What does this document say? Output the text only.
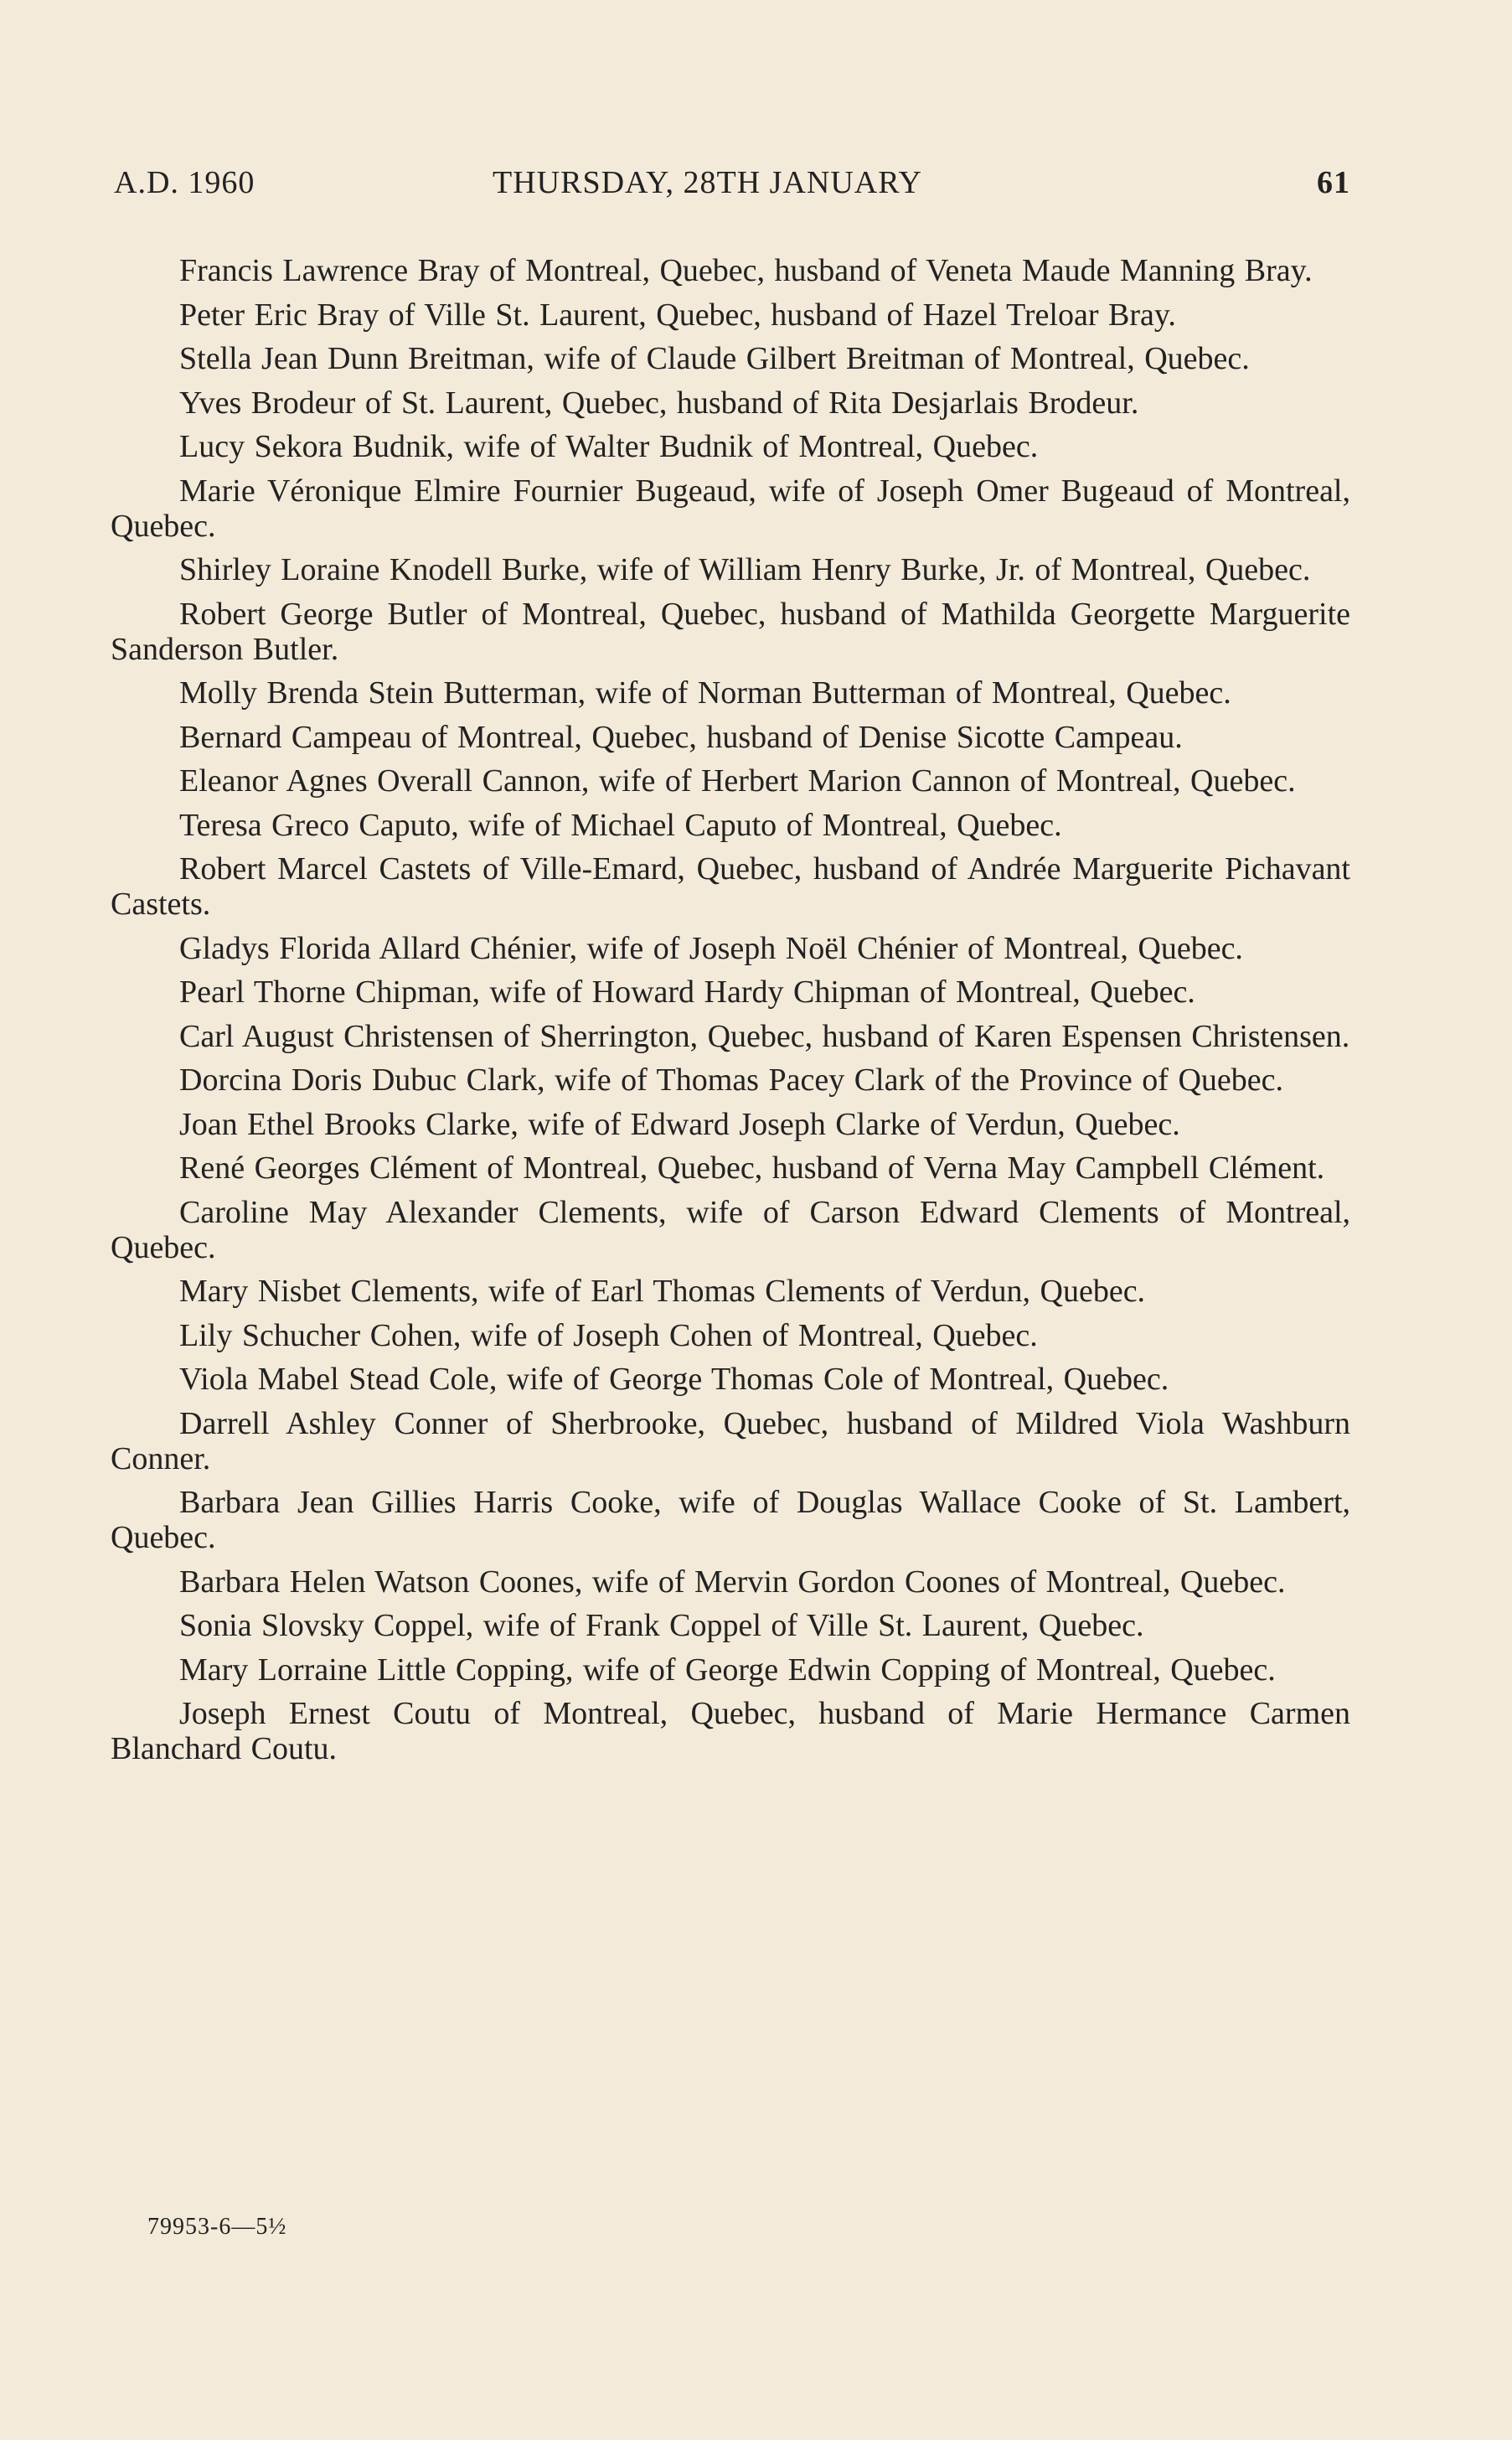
A.D. 1960	THURSDAY, 28TH JANUARY	61

Francis Lawrence Bray of Montreal, Quebec, husband of Veneta Maude Manning Bray.

Peter Eric Bray of Ville St. Laurent, Quebec, husband of Hazel Treloar Bray.

Stella Jean Dunn Breitman, wife of Claude Gilbert Breitman of Montreal, Quebec.

Yves Brodeur of St. Laurent, Quebec, husband of Rita Desjarlais Brodeur.

Lucy Sekora Budnik, wife of Walter Budnik of Montreal, Quebec.

Marie Véronique Elmire Fournier Bugeaud, wife of Joseph Omer Bugeaud of Montreal, Quebec.

Shirley Loraine Knodell Burke, wife of William Henry Burke, Jr. of Montreal, Quebec.

Robert George Butler of Montreal, Quebec, husband of Mathilda Georgette Marguerite Sanderson Butler.

Molly Brenda Stein Butterman, wife of Norman Butterman of Montreal, Quebec.

Bernard Campeau of Montreal, Quebec, husband of Denise Sicotte Campeau.

Eleanor Agnes Overall Cannon, wife of Herbert Marion Cannon of Montreal, Quebec.

Teresa Greco Caputo, wife of Michael Caputo of Montreal, Quebec.

Robert Marcel Castets of Ville-Emard, Quebec, husband of Andrée Marguerite Pichavant Castets.

Gladys Florida Allard Chénier, wife of Joseph Noël Chénier of Montreal, Quebec.

Pearl Thorne Chipman, wife of Howard Hardy Chipman of Montreal, Quebec.

Carl August Christensen of Sherrington, Quebec, husband of Karen Espensen Christensen.

Dorcina Doris Dubuc Clark, wife of Thomas Pacey Clark of the Province of Quebec.

Joan Ethel Brooks Clarke, wife of Edward Joseph Clarke of Verdun, Quebec.

René Georges Clément of Montreal, Quebec, husband of Verna May Campbell Clément.

Caroline May Alexander Clements, wife of Carson Edward Clements of Montreal, Quebec.

Mary Nisbet Clements, wife of Earl Thomas Clements of Verdun, Quebec.

Lily Schucher Cohen, wife of Joseph Cohen of Montreal, Quebec.

Viola Mabel Stead Cole, wife of George Thomas Cole of Montreal, Quebec.

Darrell Ashley Conner of Sherbrooke, Quebec, husband of Mildred Viola Washburn Conner.

Barbara Jean Gillies Harris Cooke, wife of Douglas Wallace Cooke of St. Lambert, Quebec.

Barbara Helen Watson Coones, wife of Mervin Gordon Coones of Montreal, Quebec.

Sonia Slovsky Coppel, wife of Frank Coppel of Ville St. Laurent, Quebec.

Mary Lorraine Little Copping, wife of George Edwin Copping of Montreal, Quebec.

Joseph Ernest Coutu of Montreal, Quebec, husband of Marie Hermance Carmen Blanchard Coutu.

79953-6—5½
